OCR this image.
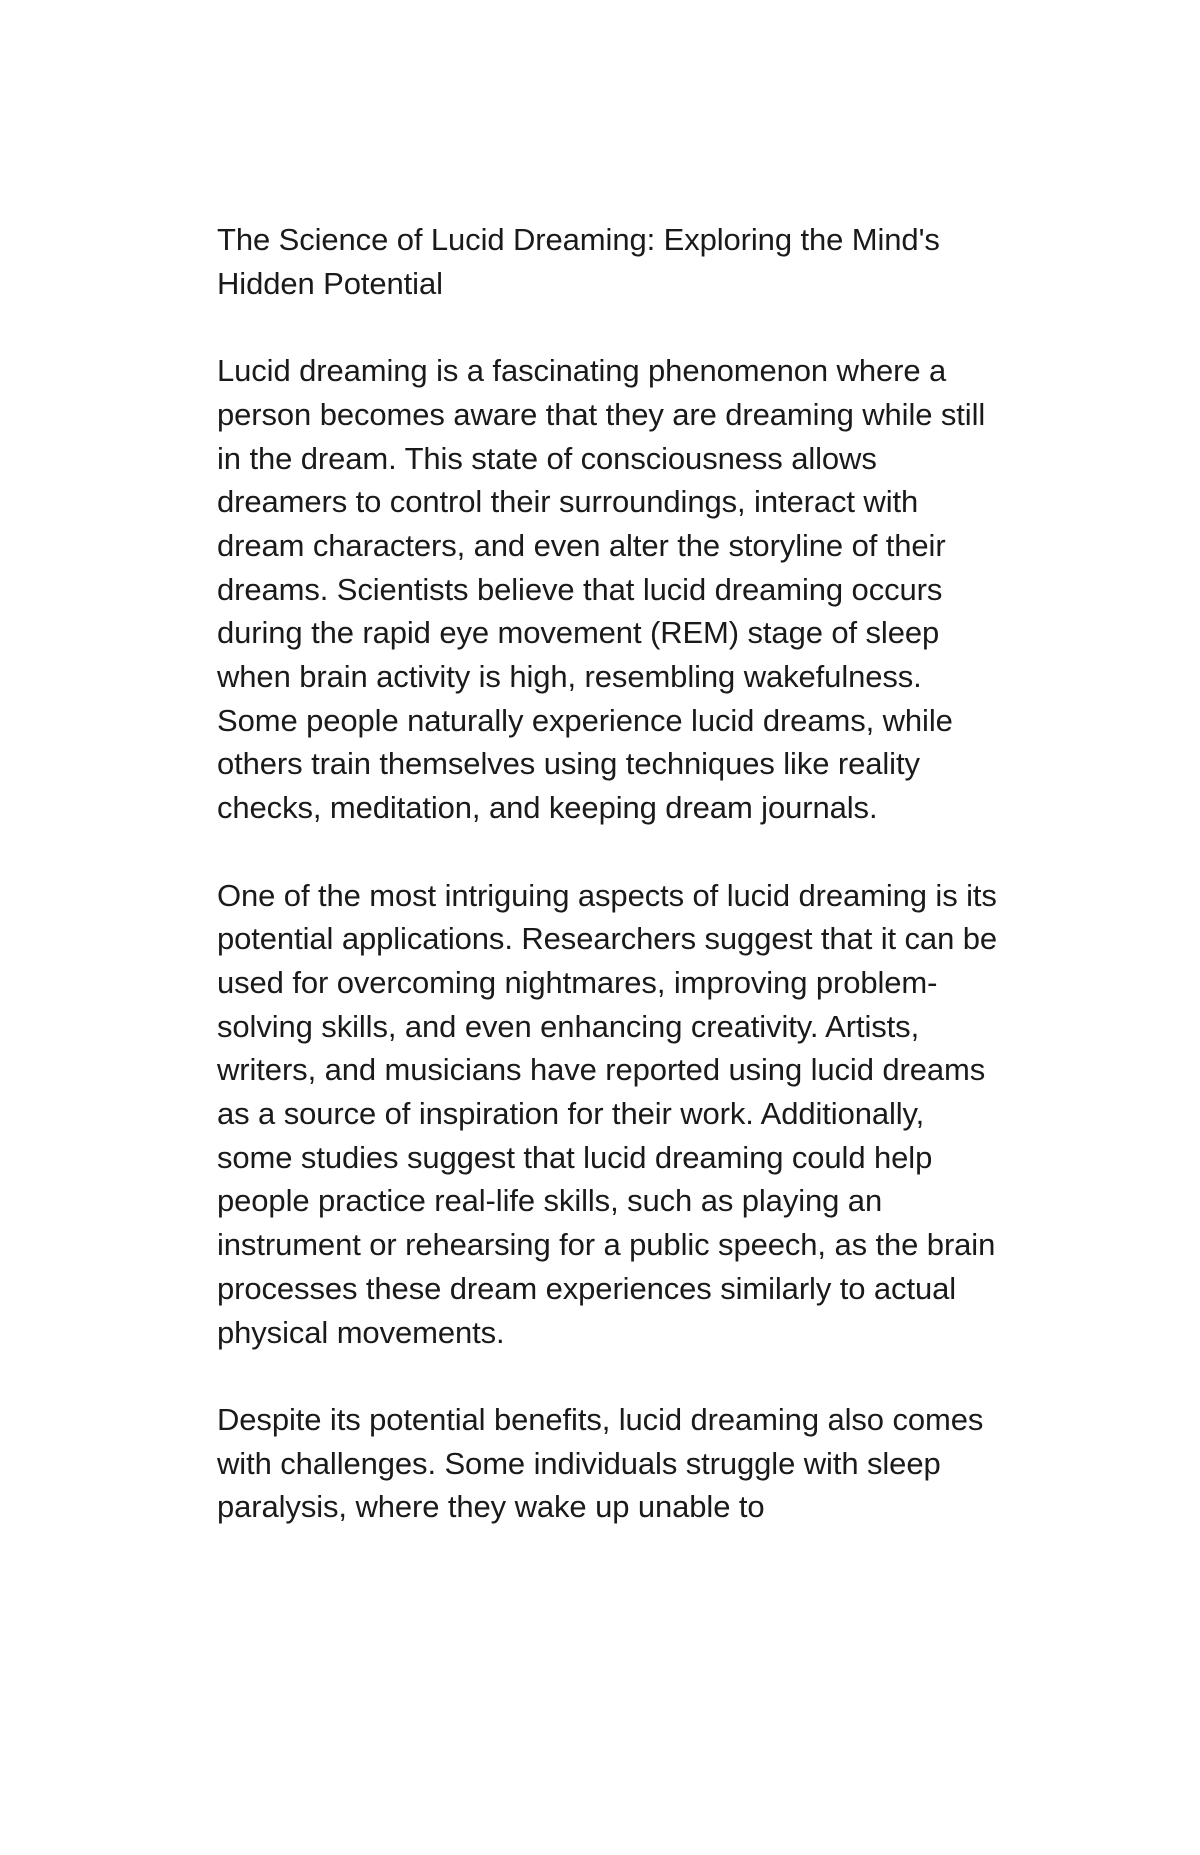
The Science of Lucid Dreaming: Exploring the Mind's Hidden Potential

Lucid dreaming is a fascinating phenomenon where a person becomes aware that they are dreaming while still in the dream. This state of consciousness allows dreamers to control their surroundings, interact with dream characters, and even alter the storyline of their dreams. Scientists believe that lucid dreaming occurs during the rapid eye movement (REM) stage of sleep when brain activity is high, resembling wakefulness. Some people naturally experience lucid dreams, while others train themselves using techniques like reality checks, meditation, and keeping dream journals.

One of the most intriguing aspects of lucid dreaming is its potential applications. Researchers suggest that it can be used for overcoming nightmares, improving problem-solving skills, and even enhancing creativity. Artists, writers, and musicians have reported using lucid dreams as a source of inspiration for their work. Additionally, some studies suggest that lucid dreaming could help people practice real-life skills, such as playing an instrument or rehearsing for a public speech, as the brain processes these dream experiences similarly to actual physical movements.

Despite its potential benefits, lucid dreaming also comes with challenges. Some individuals struggle with sleep paralysis, where they wake up unable to
